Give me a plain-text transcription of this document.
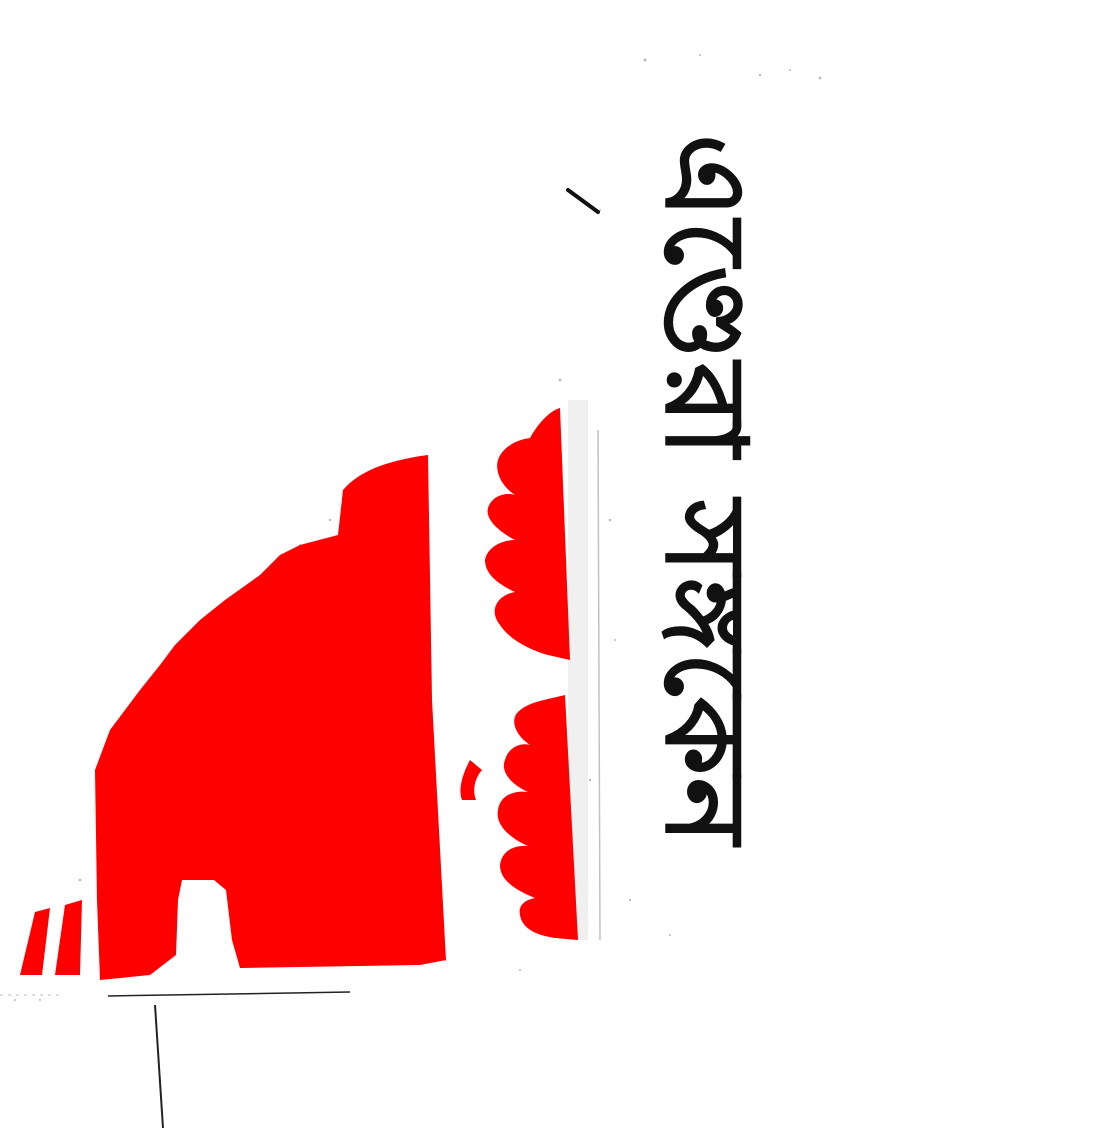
এণ্ডেরা সঙ্গকেন
